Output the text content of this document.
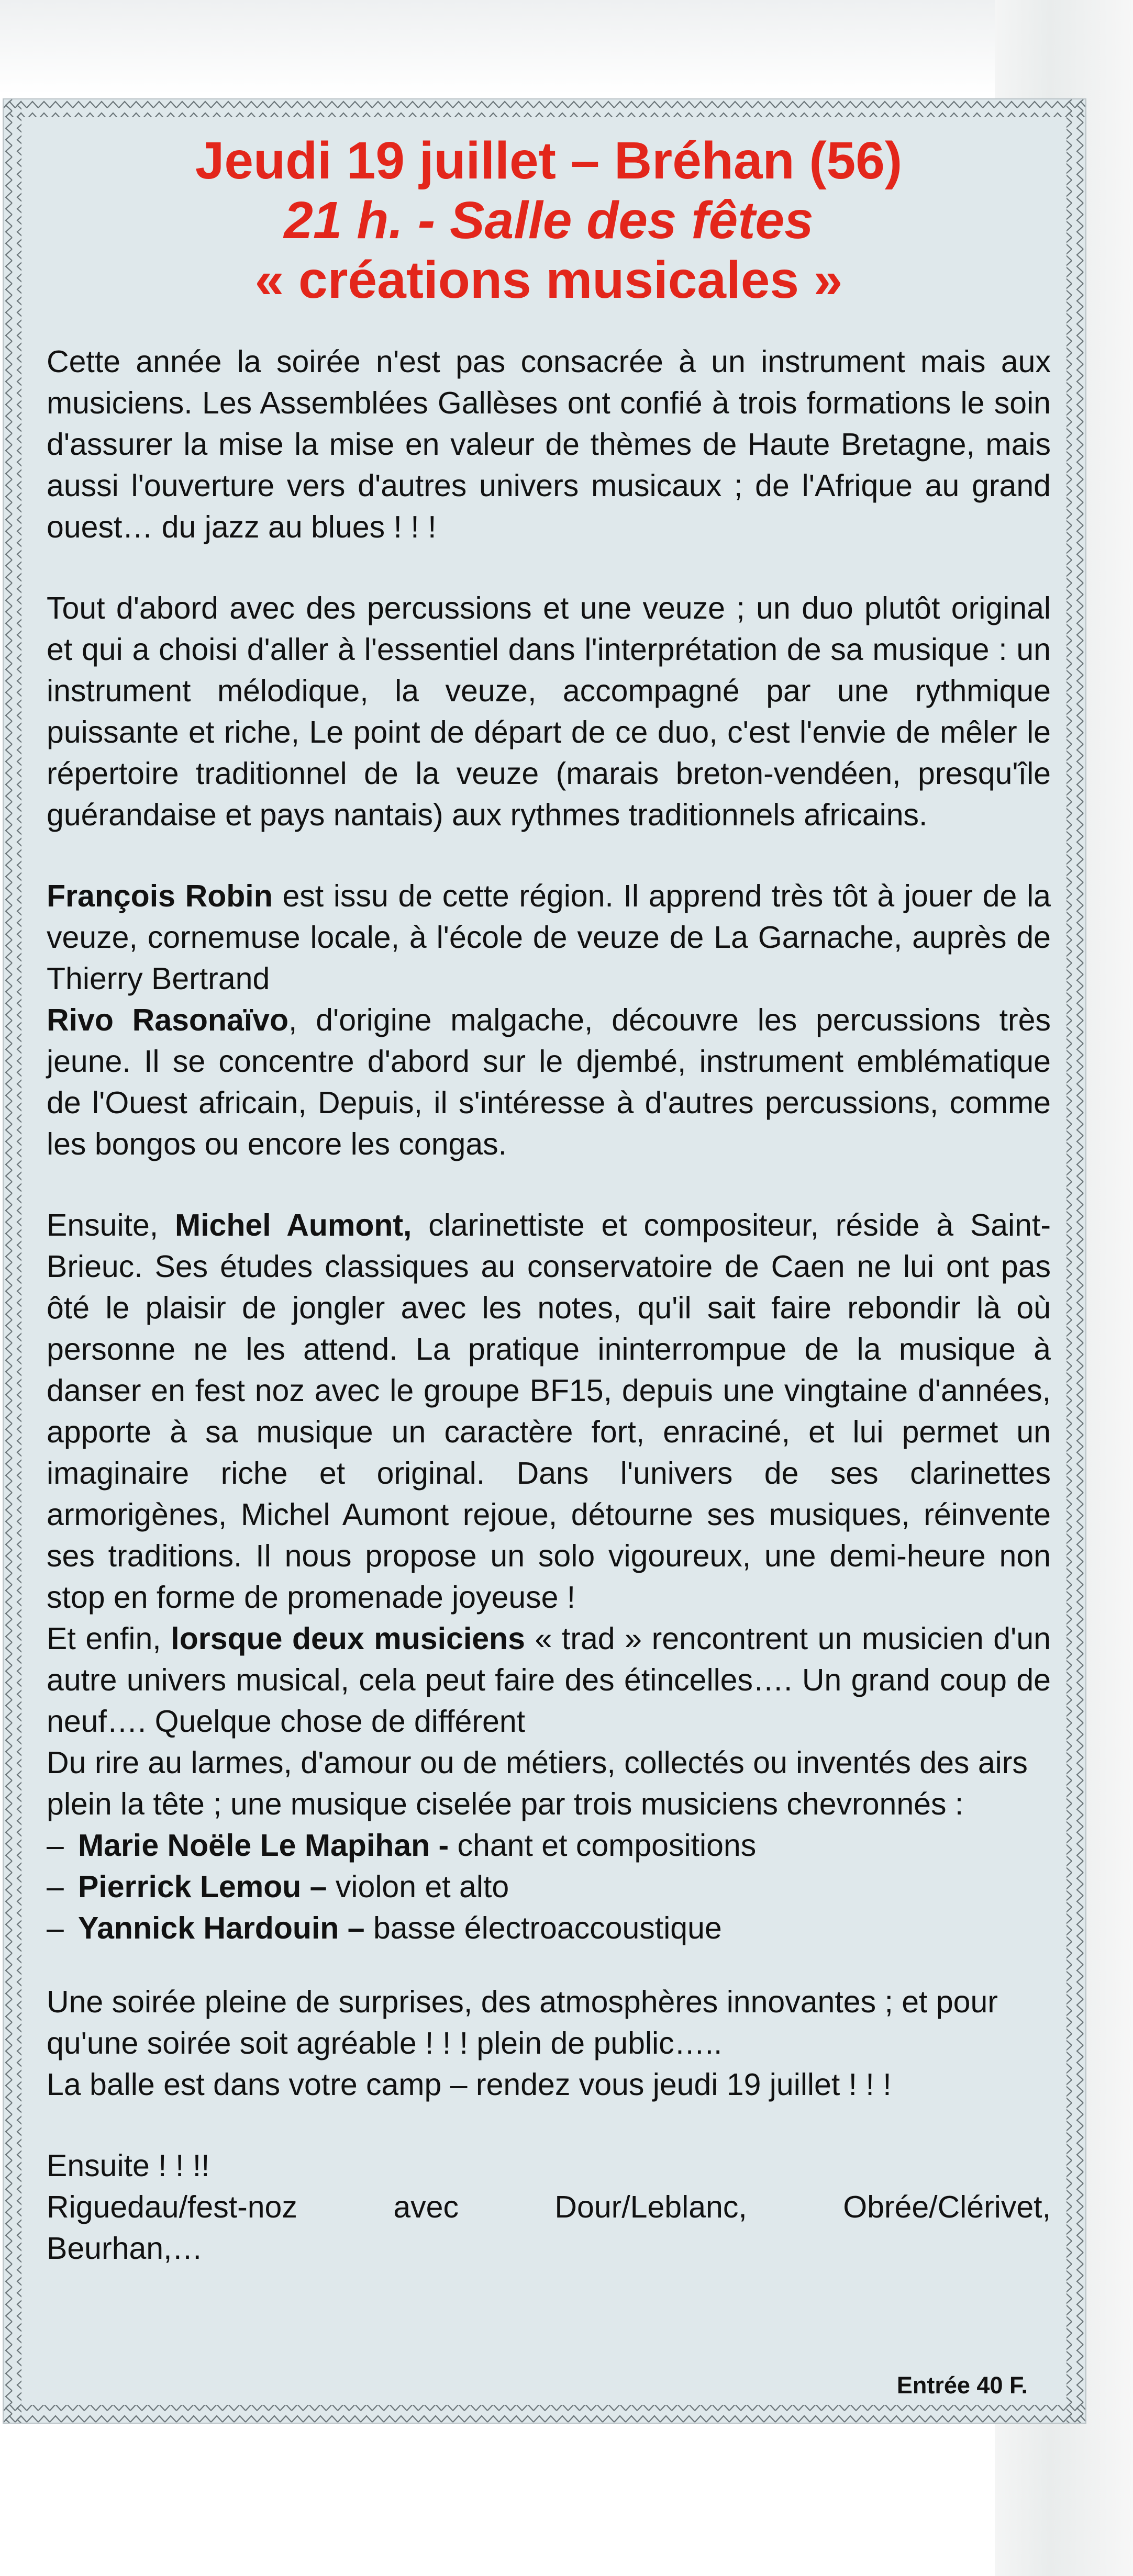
Jeudi 19 juillet – Bréhan (56)

21 h. - Salle des fêtes

« créations musicales »

Cette année la soirée n'est pas consacrée à un instrument mais aux musiciens. Les Assemblées Gallèses ont confié à trois formations le soin d'assurer la mise la mise en valeur de thèmes de Haute Bretagne, mais aussi l'ouverture vers d'autres univers musicaux ; de l'Afrique au grand ouest… du jazz au blues ! ! !

Tout d'abord avec des percussions et une veuze ; un duo plutôt original et qui a choisi d'aller à l'essentiel dans l'interprétation de sa musique : un instrument mélodique, la veuze, accompagné par une rythmique puissante et riche, Le point de départ de ce duo, c'est l'envie de mêler le répertoire traditionnel de la veuze (marais breton-vendéen, presqu'île guérandaise et pays nantais) aux rythmes traditionnels africains.

François Robin est issu de cette région. Il apprend très tôt à jouer de la veuze, cornemuse locale, à l'école de veuze de La Garnache, auprès de Thierry Bertrand

Rivo Rasonaïvo, d'origine malgache, découvre les percussions très jeune. Il se concentre d'abord sur le djembé, instrument emblématique de l'Ouest africain, Depuis, il s'intéresse à d'autres percussions, comme les bongos ou encore les congas.

Ensuite, Michel Aumont, clarinettiste et compositeur, réside à Saint-Brieuc. Ses études classiques au conservatoire de Caen ne lui ont pas ôté le plaisir de jongler avec les notes, qu'il sait faire rebondir là où personne ne les attend. La pratique ininterrompue de la musique à danser en fest noz avec le groupe BF15, depuis une vingtaine d'années, apporte à sa musique un caractère fort, enraciné, et lui permet un imaginaire riche et original. Dans l'univers de ses clarinettes armorigènes, Michel Aumont rejoue, détourne ses musiques, réinvente ses traditions. Il nous propose un solo vigoureux, une demi-heure non stop en forme de promenade joyeuse !

Et enfin, lorsque deux musiciens « trad » rencontrent un musicien d'un autre univers musical, cela peut faire des étincelles…. Un grand coup de neuf…. Quelque chose de différent

Du rire au larmes, d'amour ou de métiers, collectés ou inventés des airs plein la tête ; une musique ciselée par trois musiciens chevronnés :

– Marie Noële Le Mapihan - chant et compositions

– Pierrick Lemou – violon et alto

– Yannick Hardouin – basse électroaccoustique

Une soirée pleine de surprises, des atmosphères innovantes ; et pour qu'une soirée soit agréable ! ! ! plein de public…..

La balle est dans votre camp – rendez vous jeudi 19 juillet ! ! !

Ensuite ! ! !!

Riguedau/fest-noz	avec	Dour/Leblanc,	Obrée/Clérivet,

Beurhan,…

Entrée 40 F.
